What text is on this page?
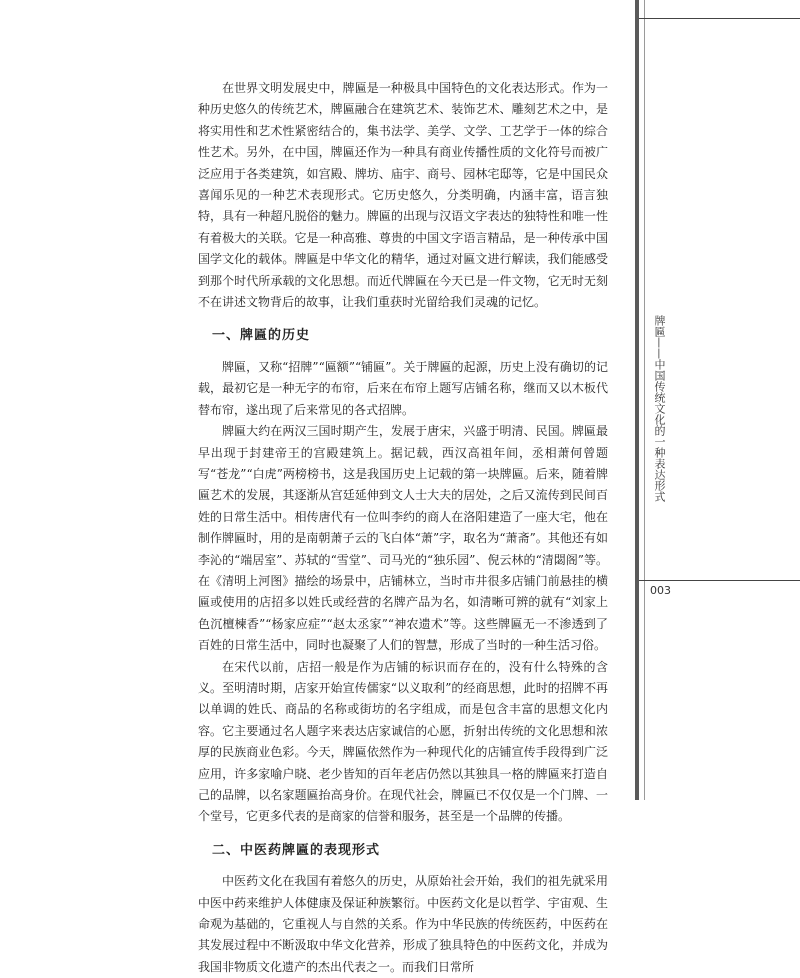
牌匾——中国传统文化的一种表达形式
003

在世界文明发展史中，牌匾是一种极具中国特色的文化表达形式。作为一种历史悠久的传统艺术，牌匾融合在建筑艺术、装饰艺术、雕刻艺术之中，是将实用性和艺术性紧密结合的，集书法学、美学、文学、工艺学于一体的综合性艺术。另外，在中国，牌匾还作为一种具有商业传播性质的文化符号而被广泛应用于各类建筑，如宫殿、牌坊、庙宇、商号、园林宅邸等，它是中国民众喜闻乐见的一种艺术表现形式。它历史悠久，分类明确，内涵丰富，语言独特，具有一种超凡脱俗的魅力。牌匾的出现与汉语文字表达的独特性和唯一性有着极大的关联。它是一种高雅、尊贵的中国文字语言精品，是一种传承中国国学文化的载体。牌匾是中华文化的精华，通过对匾文进行解读，我们能感受到那个时代所承载的文化思想。而近代牌匾在今天已是一件文物，它无时无刻不在讲述文物背后的故事，让我们重获时光留给我们灵魂的记忆。

一、牌匾的历史

牌匾，又称“招牌”“匾额”“铺匾”。关于牌匾的起源，历史上没有确切的记载，最初它是一种无字的布帘，后来在布帘上题写店铺名称，继而又以木板代替布帘，遂出现了后来常见的各式招牌。

牌匾大约在两汉三国时期产生，发展于唐宋，兴盛于明清、民国。牌匾最早出现于封建帝王的宫殿建筑上。据记载，西汉高祖年间，丞相萧何曾题写“苍龙”“白虎”两榜榜书，这是我国历史上记载的第一块牌匾。后来，随着牌匾艺术的发展，其逐渐从宫廷延伸到文人士大夫的居处，之后又流传到民间百姓的日常生活中。相传唐代有一位叫李约的商人在洛阳建造了一座大宅，他在制作牌匾时，用的是南朝萧子云的飞白体“萧”字，取名为“萧斋”。其他还有如李沁的“端居室”、苏轼的“雪堂”、司马光的“独乐园”、倪云林的“清閟阁”等。在《清明上河图》描绘的场景中，店铺林立，当时市井很多店铺门前悬挂的横匾或使用的店招多以姓氏或经营的名牌产品为名，如清晰可辨的就有“刘家上色沉檀楝香”“杨家应症”“赵太丞家”“神农遗术”等。这些牌匾无一不渗透到了百姓的日常生活中，同时也凝聚了人们的智慧，形成了当时的一种生活习俗。

在宋代以前，店招一般是作为店铺的标识而存在的，没有什么特殊的含义。至明清时期，店家开始宣传儒家“以义取利”的经商思想，此时的招牌不再以单调的姓氏、商品的名称或街坊的名字组成，而是包含丰富的思想文化内容。它主要通过名人题字来表达店家诚信的心愿，折射出传统的文化思想和浓厚的民族商业色彩。今天，牌匾依然作为一种现代化的店铺宣传手段得到广泛应用，许多家喻户晓、老少皆知的百年老店仍然以其独具一格的牌匾来打造自己的品牌，以名家题匾抬高身价。在现代社会，牌匾已不仅仅是一个门牌、一个堂号，它更多代表的是商家的信誉和服务，甚至是一个品牌的传播。

二、中医药牌匾的表现形式

中医药文化在我国有着悠久的历史，从原始社会开始，我们的祖先就采用中医中药来维护人体健康及保证种族繁衍。中医药文化是以哲学、宇宙观、生命观为基础的，它重视人与自然的关系。作为中华民族的传统医药，中医药在其发展过程中不断汲取中华文化营养，形成了独具特色的中医药文化，并成为我国非物质文化遗产的杰出代表之一。而我们日常所
